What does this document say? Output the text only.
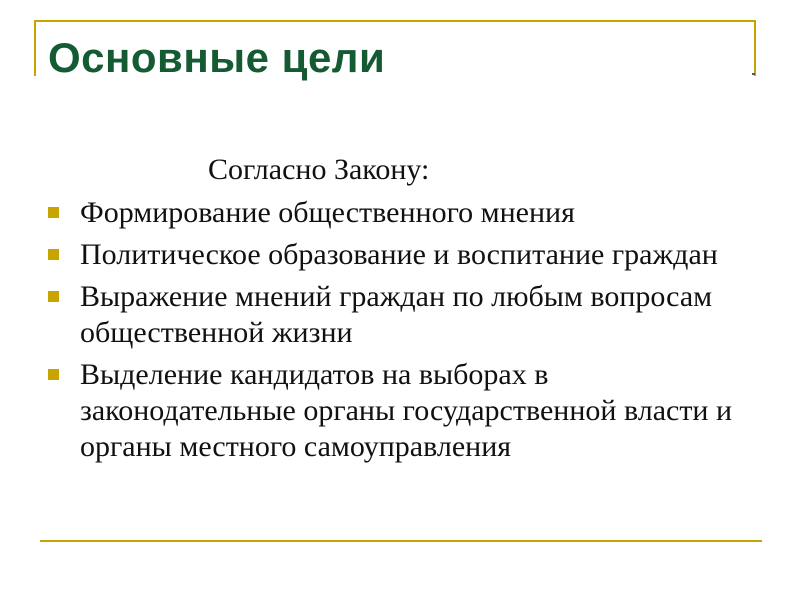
Основные цели
Согласно Закону:
Формирование общественного мнения
Политическое образование и воспитание граждан
Выражение мнений граждан по любым вопросам общественной жизни
Выделение кандидатов на выборах в законодательные органы государственной власти и органы местного самоуправления
